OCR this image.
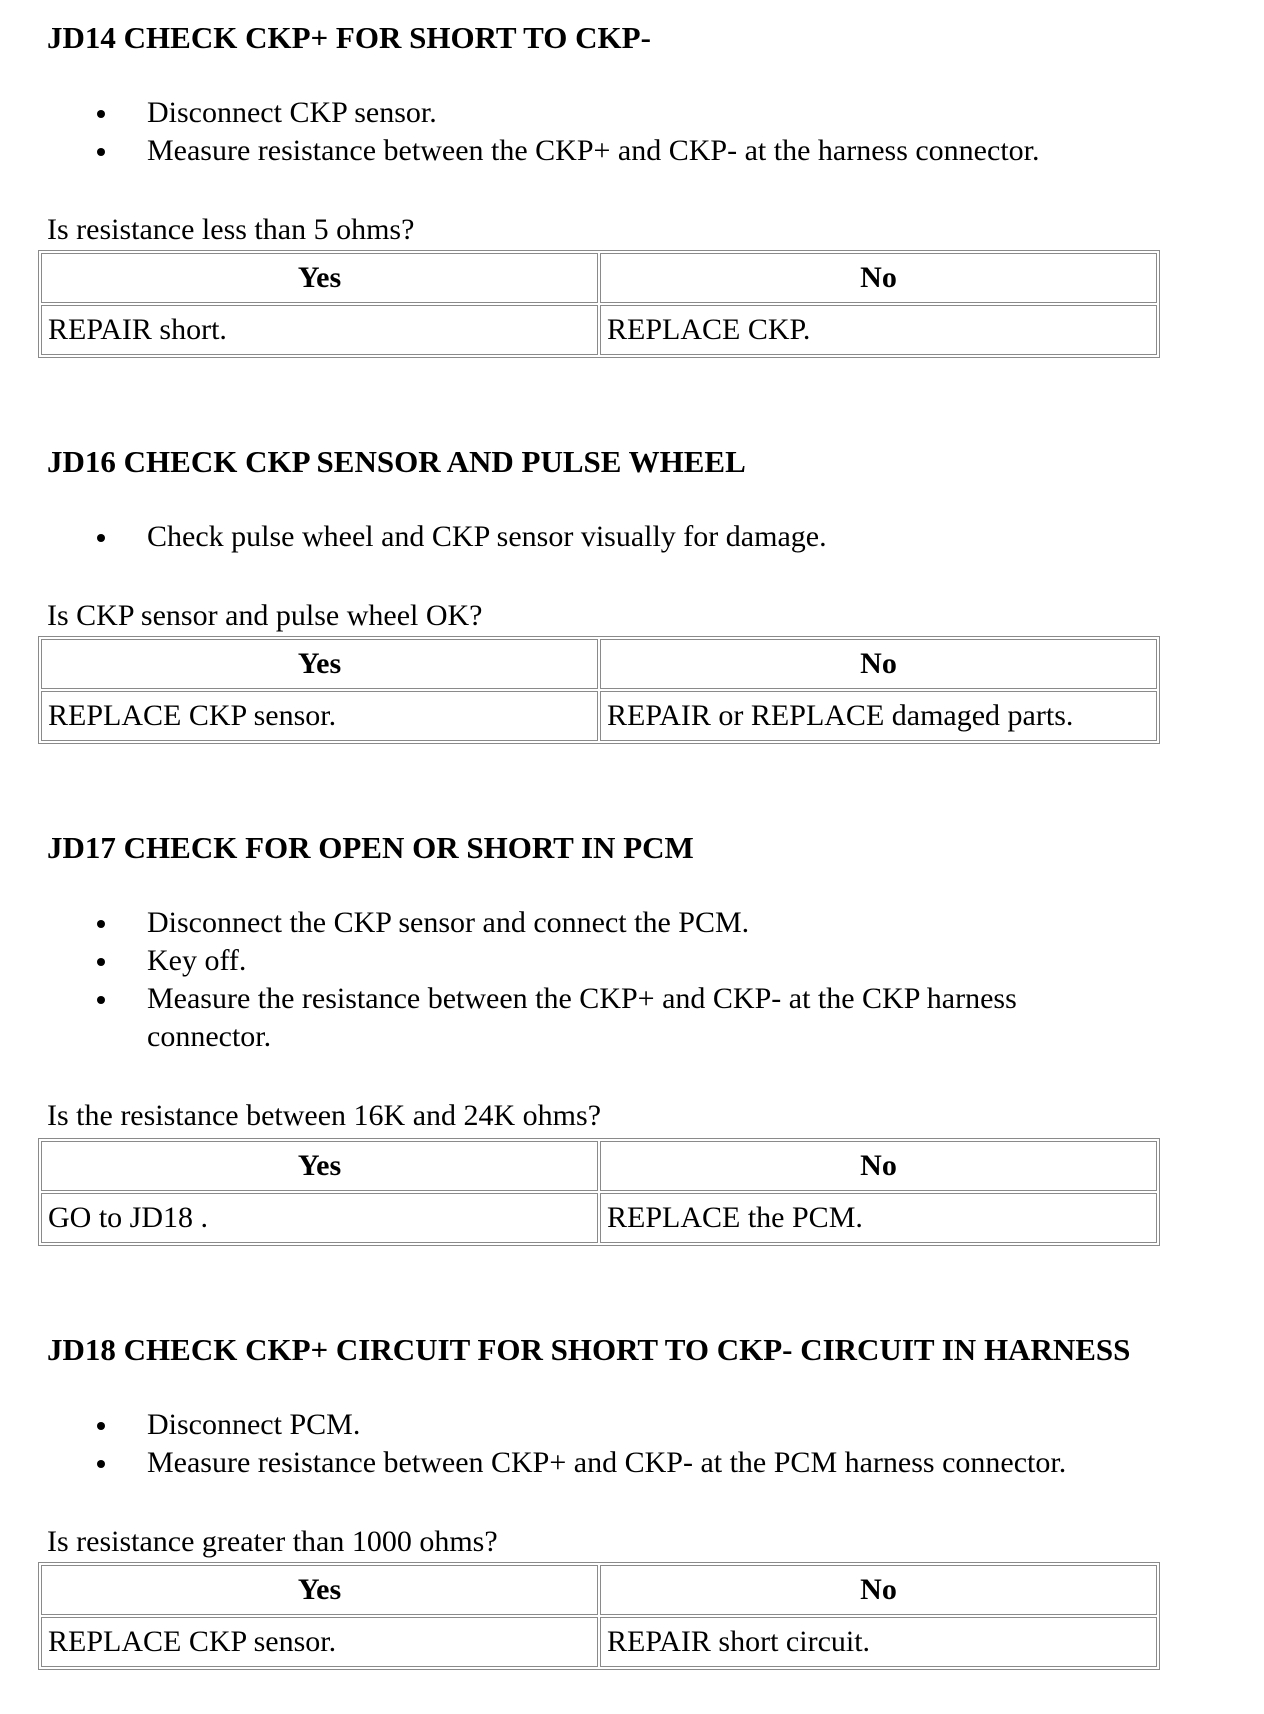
JD14 CHECK CKP+ FOR SHORT TO CKP-
Disconnect CKP sensor.
Measure resistance between the CKP+ and CKP- at the harness connector.
Is resistance less than 5 ohms?
Yes	No
REPAIR short.	REPLACE CKP.
JD16 CHECK CKP SENSOR AND PULSE WHEEL
Check pulse wheel and CKP sensor visually for damage.
Is CKP sensor and pulse wheel OK?
Yes	No
REPLACE CKP sensor.	REPAIR or REPLACE damaged parts.
JD17 CHECK FOR OPEN OR SHORT IN PCM
Disconnect the CKP sensor and connect the PCM.
Key off.
Measure the resistance between the CKP+ and CKP- at the CKP harness connector.
Is the resistance between 16K and 24K ohms?
Yes	No
GO to JD18 .	REPLACE the PCM.
JD18 CHECK CKP+ CIRCUIT FOR SHORT TO CKP- CIRCUIT IN HARNESS
Disconnect PCM.
Measure resistance between CKP+ and CKP- at the PCM harness connector.
Is resistance greater than 1000 ohms?
Yes	No
REPLACE CKP sensor.	REPAIR short circuit.
